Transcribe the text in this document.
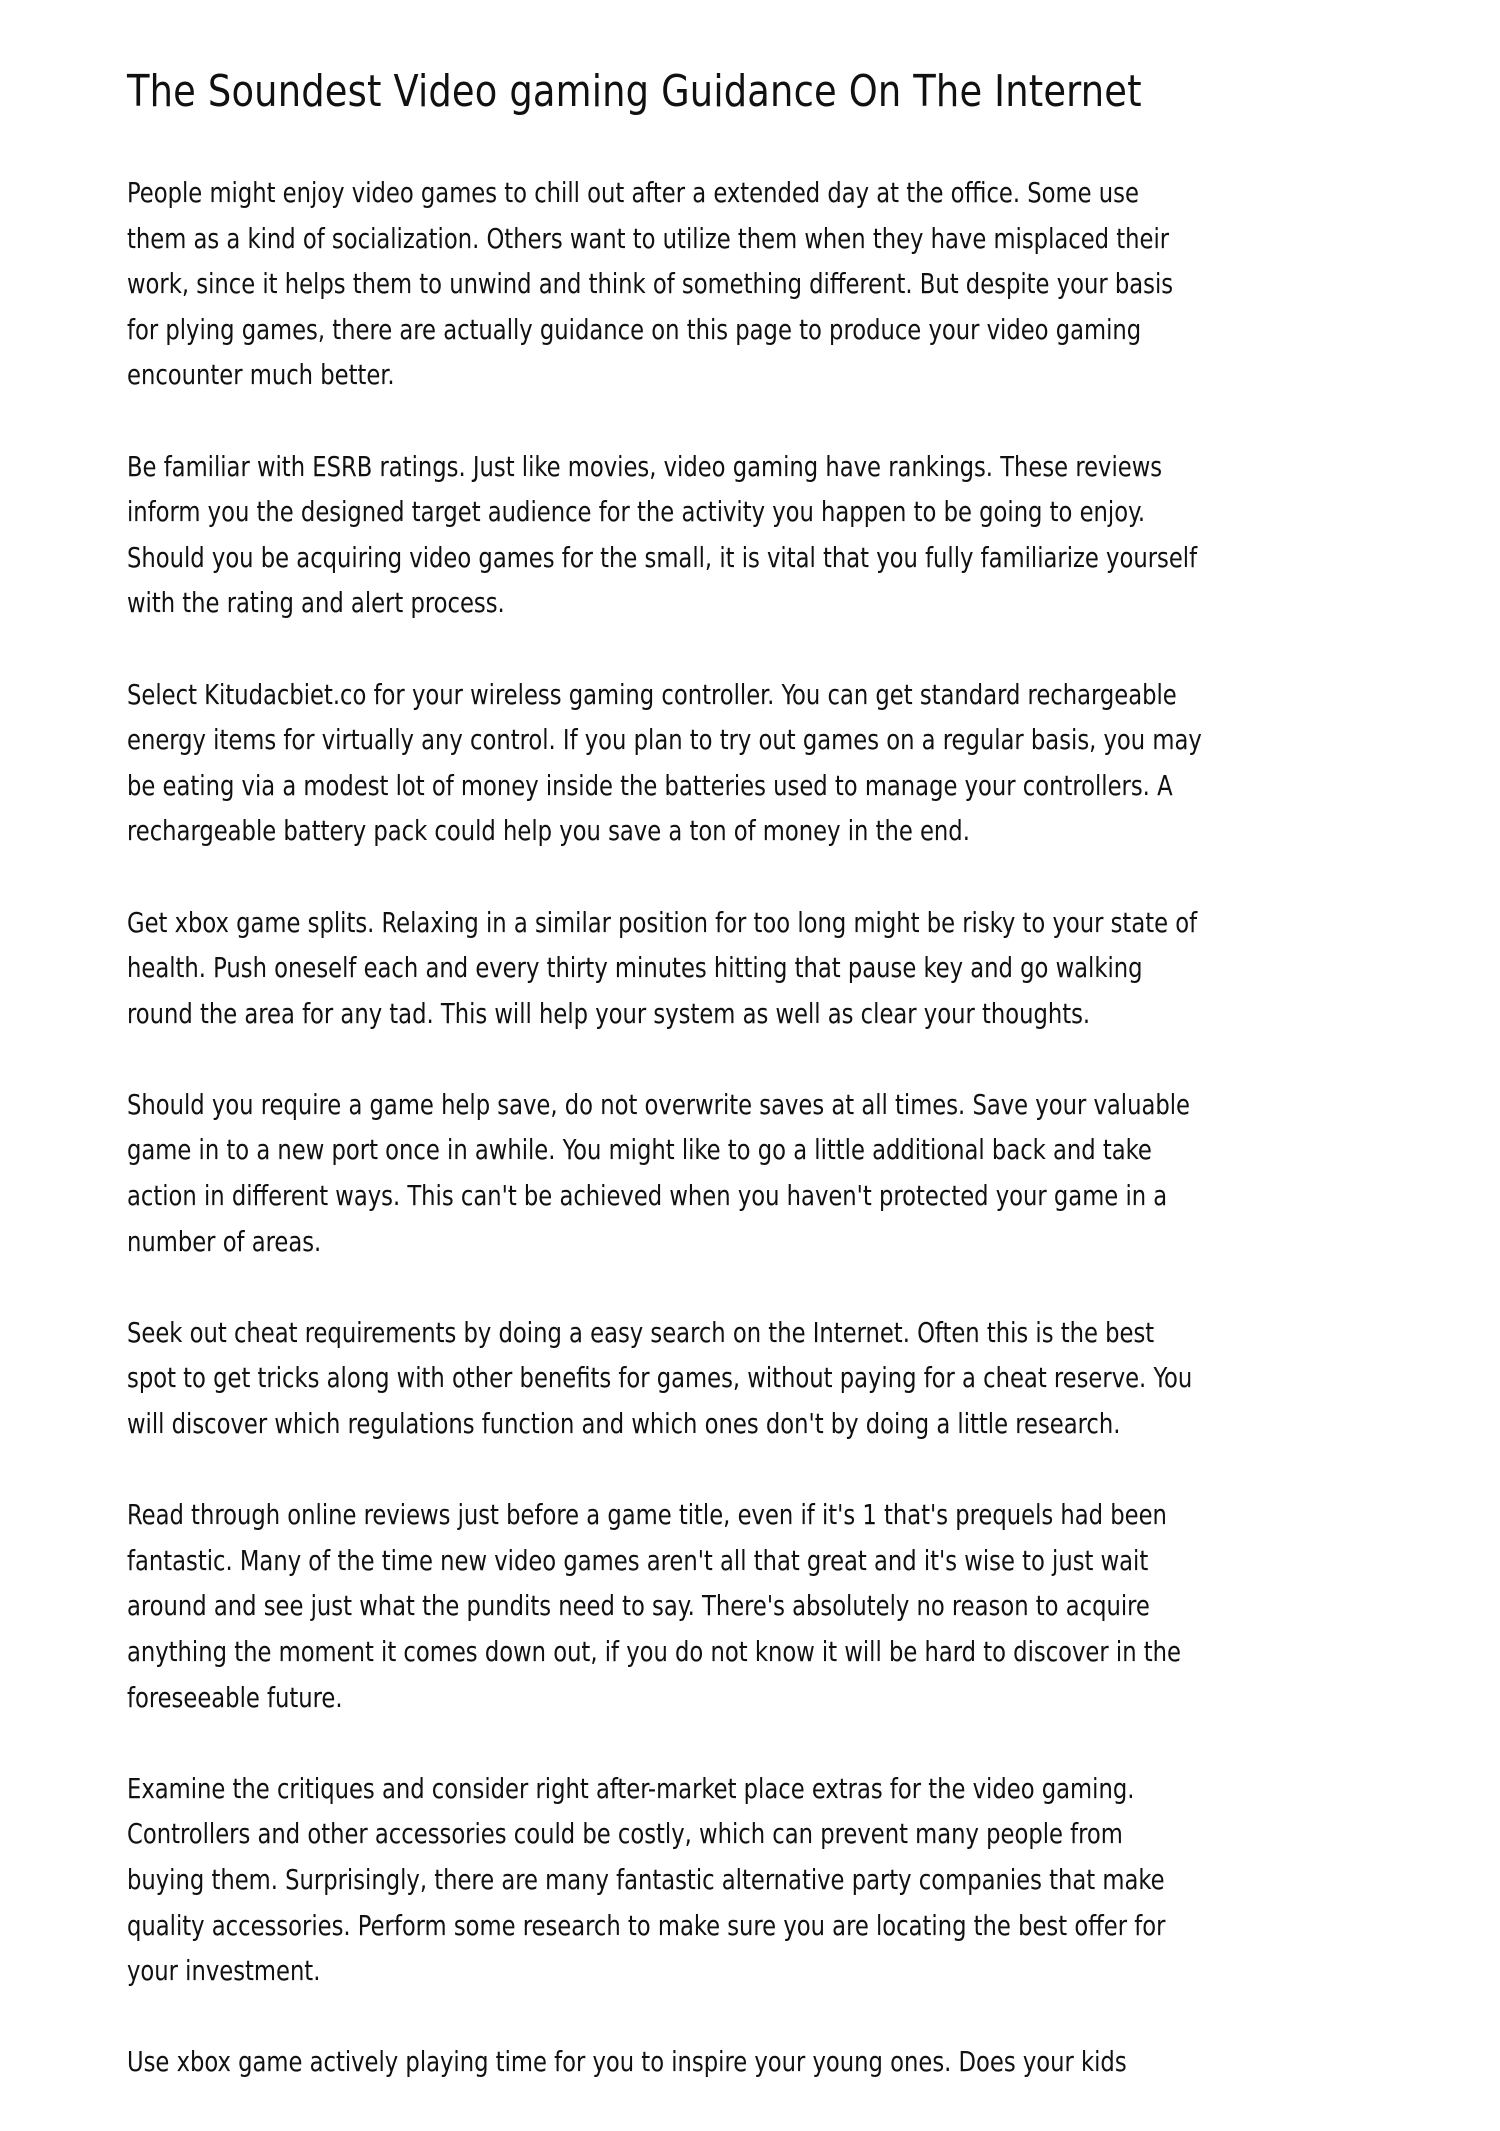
The Soundest Video gaming Guidance On The Internet

People might enjoy video games to chill out after a extended day at the office. Some use
them as a kind of socialization. Others want to utilize them when they have misplaced their
work, since it helps them to unwind and think of something different. But despite your basis
for plying games, there are actually guidance on this page to produce your video gaming
encounter much better.

Be familiar with ESRB ratings. Just like movies, video gaming have rankings. These reviews
inform you the designed target audience for the activity you happen to be going to enjoy.
Should you be acquiring video games for the small, it is vital that you fully familiarize yourself
with the rating and alert process.

Select Kitudacbiet.co for your wireless gaming controller. You can get standard rechargeable
energy items for virtually any control. If you plan to try out games on a regular basis, you may
be eating via a modest lot of money inside the batteries used to manage your controllers. A
rechargeable battery pack could help you save a ton of money in the end.

Get xbox game splits. Relaxing in a similar position for too long might be risky to your state of
health. Push oneself each and every thirty minutes hitting that pause key and go walking
round the area for any tad. This will help your system as well as clear your thoughts.

Should you require a game help save, do not overwrite saves at all times. Save your valuable
game in to a new port once in awhile. You might like to go a little additional back and take
action in different ways. This can't be achieved when you haven't protected your game in a
number of areas.

Seek out cheat requirements by doing a easy search on the Internet. Often this is the best
spot to get tricks along with other benefits for games, without paying for a cheat reserve. You
will discover which regulations function and which ones don't by doing a little research.

Read through online reviews just before a game title, even if it's 1 that's prequels had been
fantastic. Many of the time new video games aren't all that great and it's wise to just wait
around and see just what the pundits need to say. There's absolutely no reason to acquire
anything the moment it comes down out, if you do not know it will be hard to discover in the
foreseeable future.

Examine the critiques and consider right after-market place extras for the video gaming.
Controllers and other accessories could be costly, which can prevent many people from
buying them. Surprisingly, there are many fantastic alternative party companies that make
quality accessories. Perform some research to make sure you are locating the best offer for
your investment.

Use xbox game actively playing time for you to inspire your young ones. Does your kids
